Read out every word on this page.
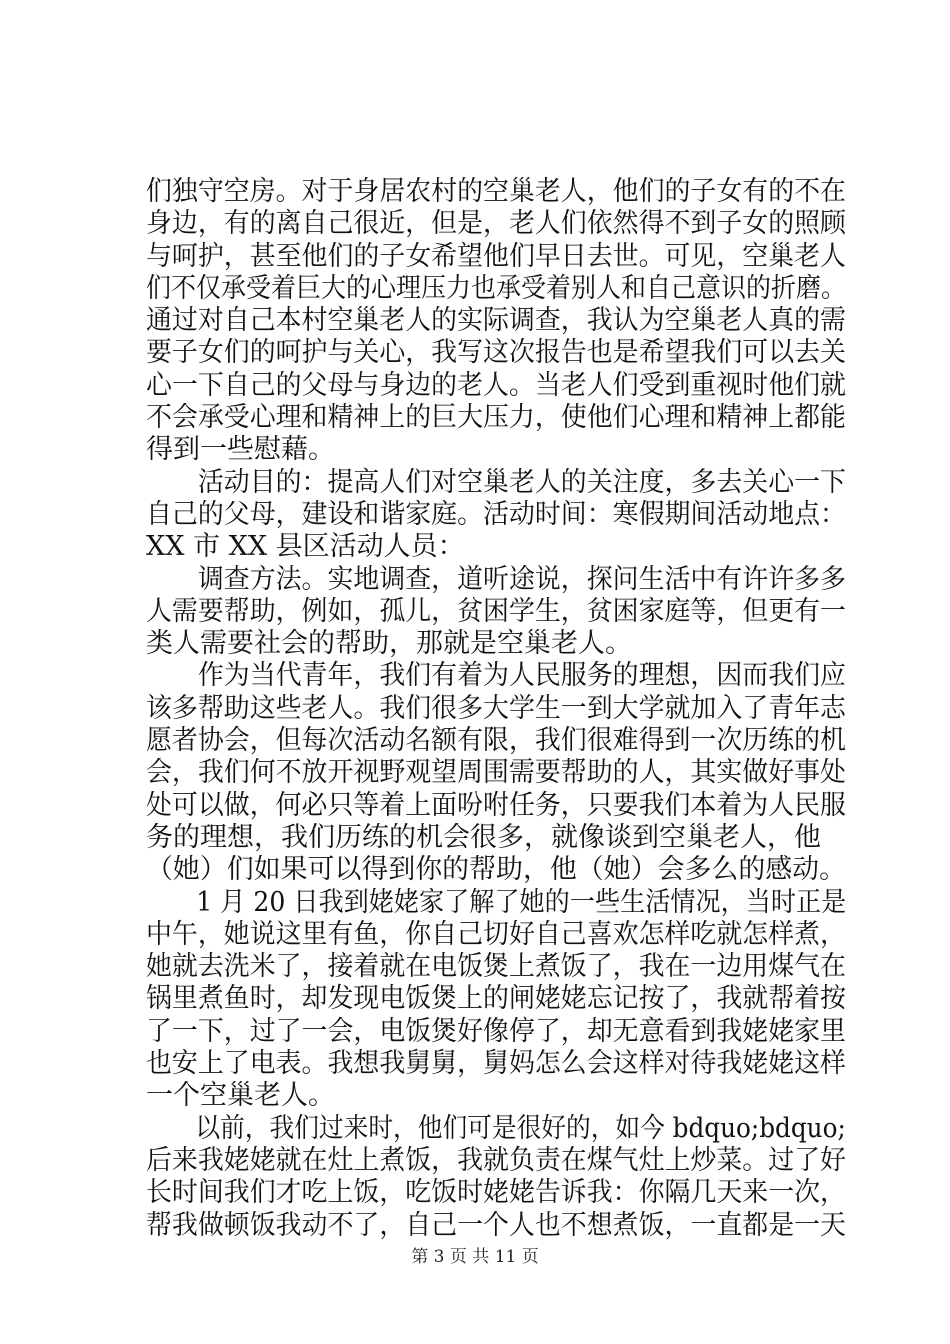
们独守空房。对于身居农村的空巢老人，他们的子女有的不在
身边，有的离自己很近，但是，老人们依然得不到子女的照顾
与呵护，甚至他们的子女希望他们早日去世。可见，空巢老人
们不仅承受着巨大的心理压力也承受着别人和自己意识的折磨。
通过对自己本村空巢老人的实际调查，我认为空巢老人真的需
要子女们的呵护与关心，我写这次报告也是希望我们可以去关
心一下自己的父母与身边的老人。当老人们受到重视时他们就
不会承受心理和精神上的巨大压力，使他们心理和精神上都能
得到一些慰藉。
　　活动目的：提高人们对空巢老人的关注度，多去关心一下
自己的父母，建设和谐家庭。活动时间：寒假期间活动地点：
XX 市 XX 县区活动人员：
　　调查方法。实地调查，道听途说，探问生活中有许许多多
人需要帮助，例如，孤儿，贫困学生，贫困家庭等，但更有一
类人需要社会的帮助，那就是空巢老人。
　　作为当代青年，我们有着为人民服务的理想，因而我们应
该多帮助这些老人。我们很多大学生一到大学就加入了青年志
愿者协会，但每次活动名额有限，我们很难得到一次历练的机
会，我们何不放开视野观望周围需要帮助的人，其实做好事处
处可以做，何必只等着上面吩咐任务，只要我们本着为人民服
务的理想，我们历练的机会很多，就像谈到空巢老人，他
（她）们如果可以得到你的帮助，他（她）会多么的感动。
　　1 月 20 日我到姥姥家了解了她的一些生活情况，当时正是
中午，她说这里有鱼，你自己切好自己喜欢怎样吃就怎样煮，
她就去洗米了，接着就在电饭煲上煮饭了，我在一边用煤气在
锅里煮鱼时，却发现电饭煲上的闸姥姥忘记按了，我就帮着按
了一下，过了一会，电饭煲好像停了，却无意看到我姥姥家里
也安上了电表。我想我舅舅，舅妈怎么会这样对待我姥姥这样
一个空巢老人。
　　以前，我们过来时，他们可是很好的，如今 bdquo;bdquo;
后来我姥姥就在灶上煮饭，我就负责在煤气灶上炒菜。过了好
长时间我们才吃上饭，吃饭时姥姥告诉我：你隔几天来一次，
帮我做顿饭我动不了，自己一个人也不想煮饭，一直都是一天
第 3 页 共 11 页
